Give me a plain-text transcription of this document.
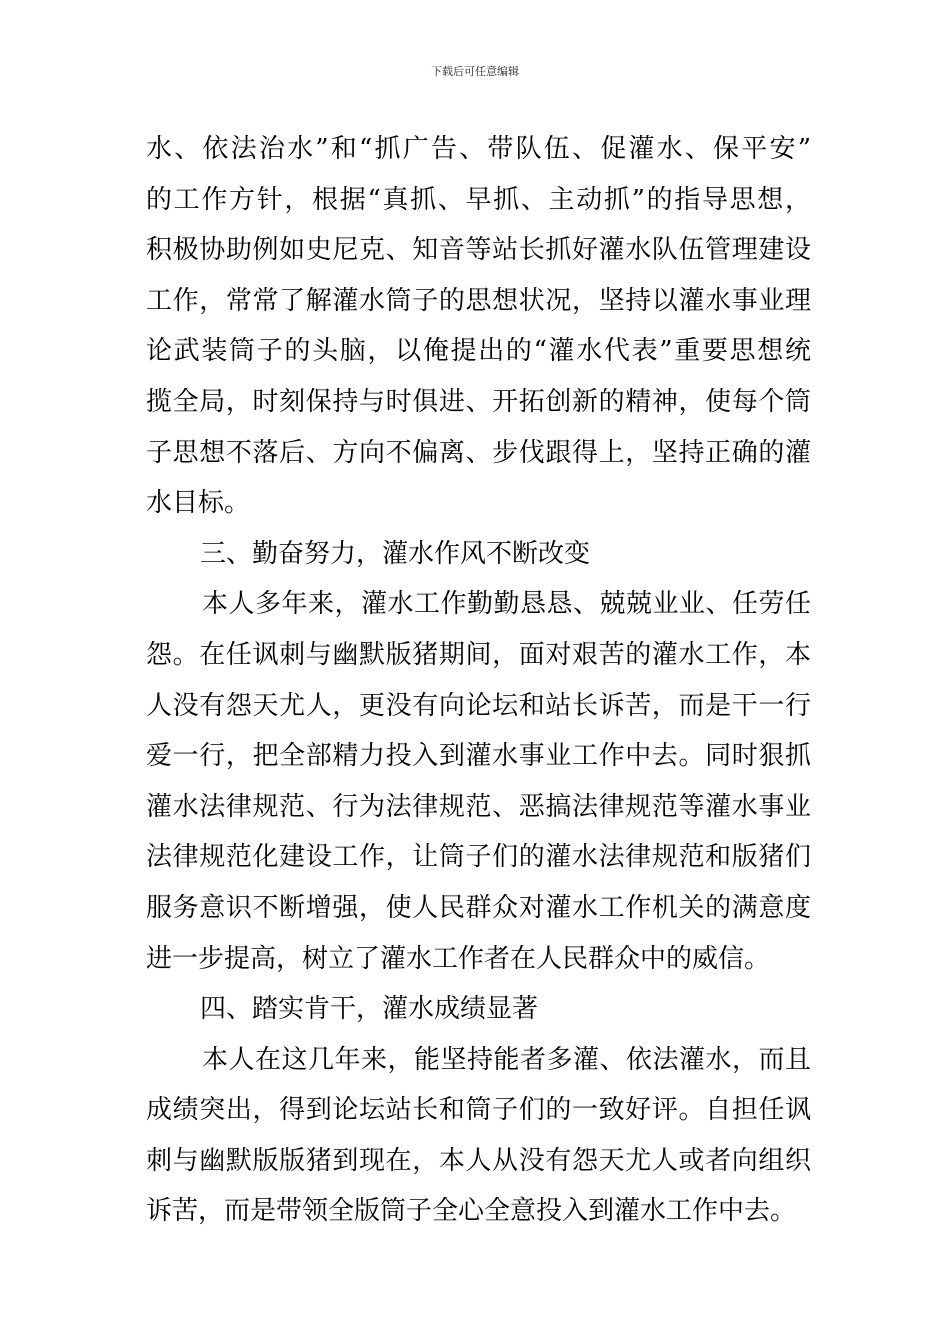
下载后可任意编辑
水、依法治水”和“抓广告、带队伍、促灌水、保平安”
的工作方针，根据“真抓、早抓、主动抓”的指导思想，
积极协助例如史尼克、知音等站长抓好灌水队伍管理建设
工作，常常了解灌水筒子的思想状况，坚持以灌水事业理
论武装筒子的头脑，以俺提出的“灌水代表”重要思想统
揽全局，时刻保持与时俱进、开拓创新的精神，使每个筒
子思想不落后、方向不偏离、步伐跟得上，坚持正确的灌
水目标。
三、勤奋努力，灌水作风不断改变
本人多年来，灌水工作勤勤恳恳、兢兢业业、任劳任
怨。在任讽刺与幽默版猪期间，面对艰苦的灌水工作，本
人没有怨天尤人，更没有向论坛和站长诉苦，而是干一行
爱一行，把全部精力投入到灌水事业工作中去。同时狠抓
灌水法律规范、行为法律规范、恶搞法律规范等灌水事业
法律规范化建设工作，让筒子们的灌水法律规范和版猪们
服务意识不断增强，使人民群众对灌水工作机关的满意度
进一步提高，树立了灌水工作者在人民群众中的威信。
四、踏实肯干，灌水成绩显著
本人在这几年来，能坚持能者多灌、依法灌水，而且
成绩突出，得到论坛站长和筒子们的一致好评。自担任讽
刺与幽默版版猪到现在，本人从没有怨天尤人或者向组织
诉苦，而是带领全版筒子全心全意投入到灌水工作中去。
